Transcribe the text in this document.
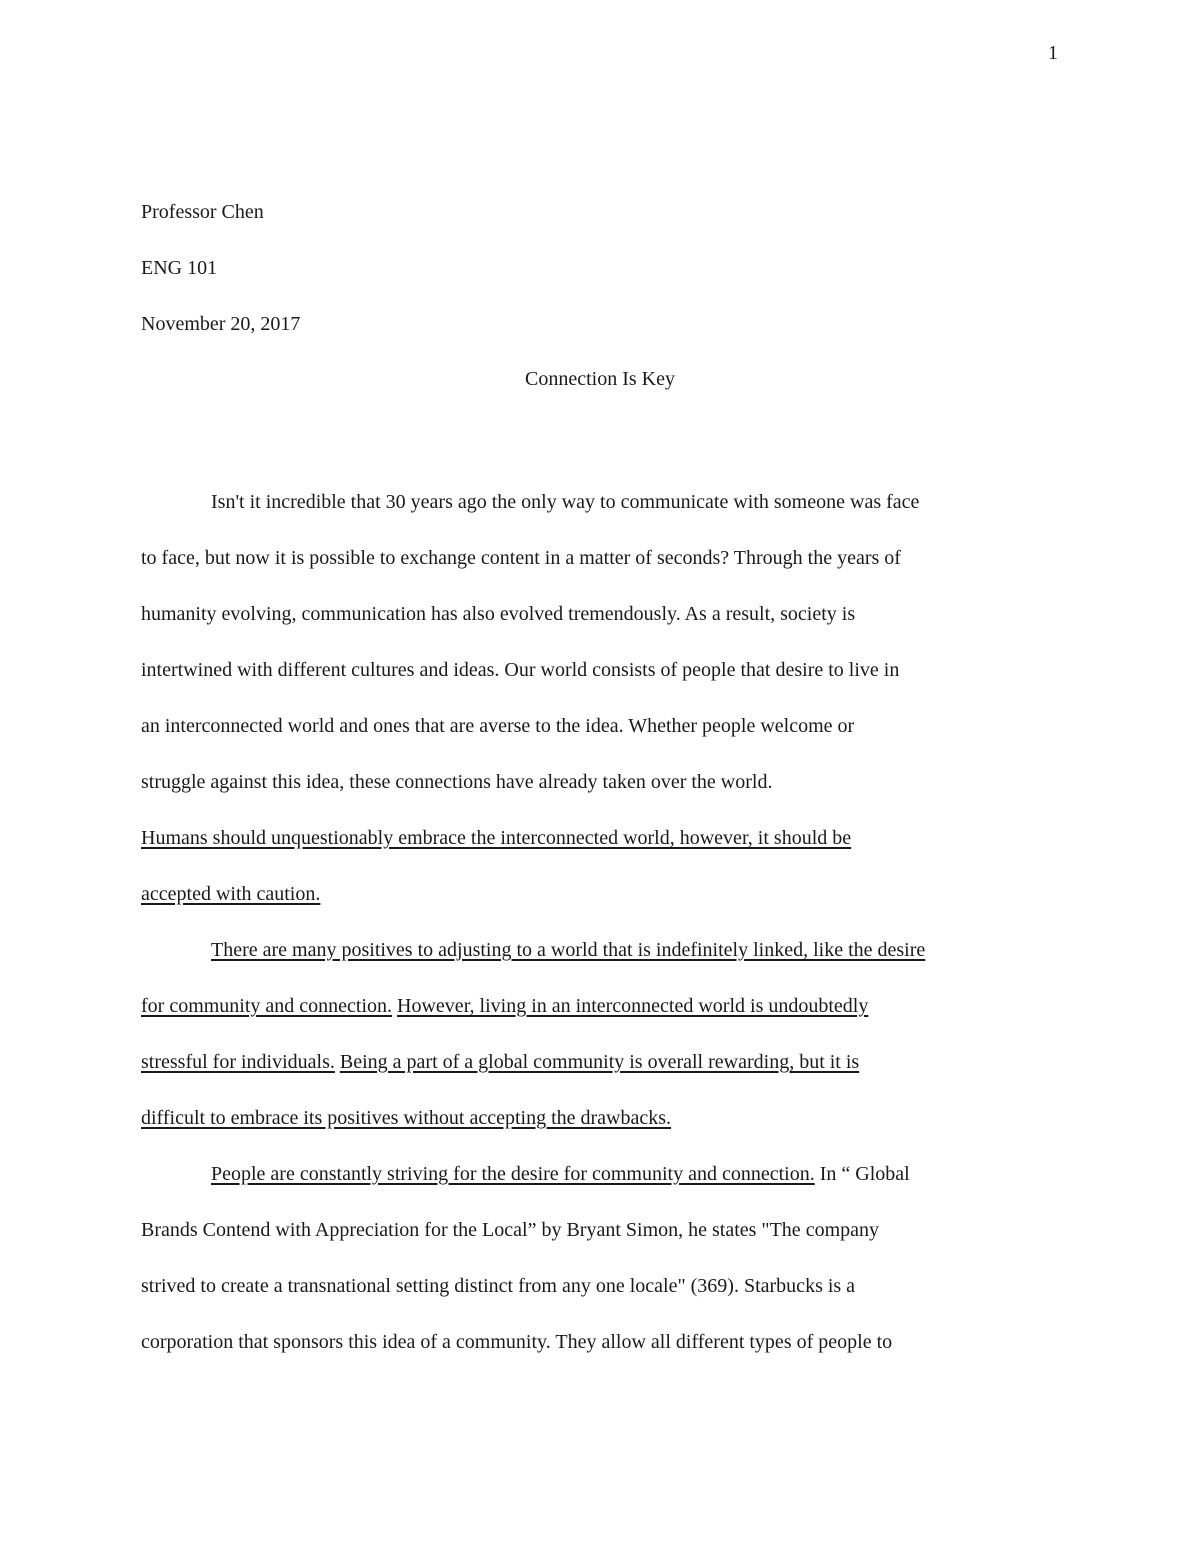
1
Professor Chen
ENG 101
November 20, 2017
Connection Is Key
Isn't it incredible that 30 years ago the only way to communicate with someone was face
to face, but now it is possible to exchange content in a matter of seconds? Through the years of
humanity evolving, communication has also evolved tremendously. As a result, society is
intertwined with different cultures and ideas. Our world consists of people that desire to live in
an interconnected world and ones that are averse to the idea. Whether people welcome or
struggle against this idea, these connections have already taken over the world.
Humans should unquestionably embrace the interconnected world, however, it should be
accepted with caution.
There are many positives to adjusting to a world that is indefinitely linked, like the desire
for community and connection. However, living in an interconnected world is undoubtedly
stressful for individuals. Being a part of a global community is overall rewarding, but it is
difficult to embrace its positives without accepting the drawbacks.
People are constantly striving for the desire for community and connection. In “ Global
Brands Contend with Appreciation for the Local” by Bryant Simon, he states "The company
strived to create a transnational setting distinct from any one locale" (369). Starbucks is a
corporation that sponsors this idea of a community. They allow all different types of people to
